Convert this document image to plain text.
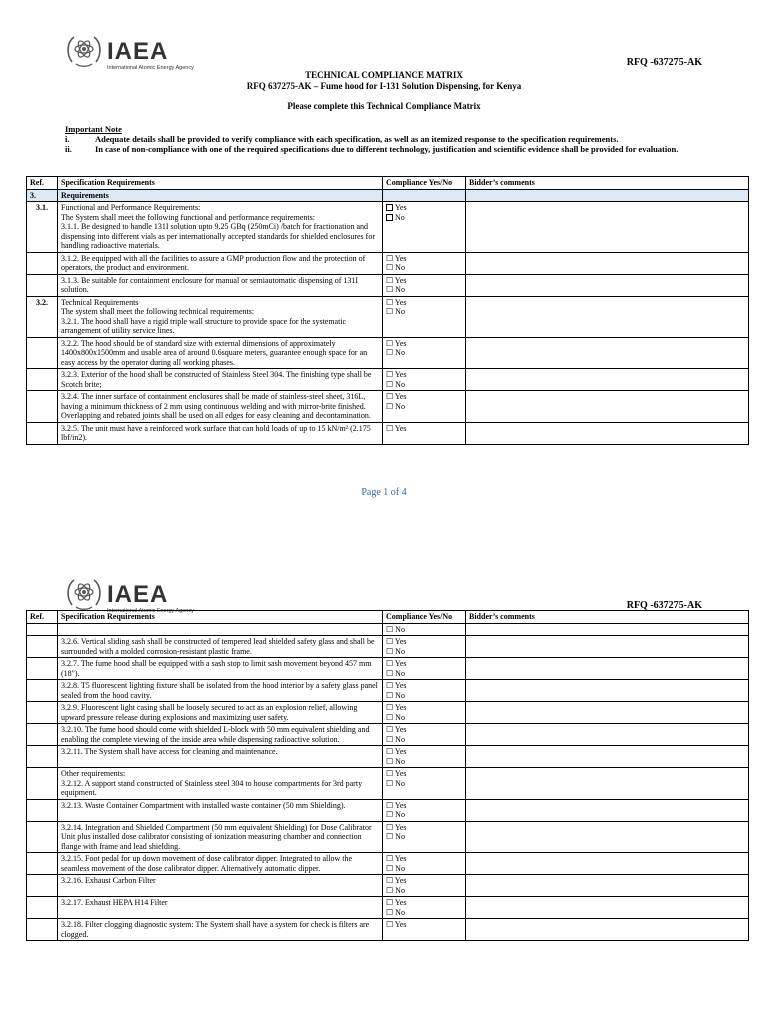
IAEA
International Atomic Energy Agency	RFQ -637275-AK
TECHNICAL COMPLIANCE MATRIX
RFQ 637275-AK – Fume hood for I-131 Solution Dispensing, for Kenya
Please complete this Technical Compliance Matrix
Important Note
i.	Adequate details shall be provided to verify compliance with each specification, as well as an itemized response to the specification requirements.
ii.	In case of non-compliance with one of the required specifications due to different technology, justification and scientific evidence shall be provided for evaluation.
Ref.	Specification Requirements	Compliance Yes/No	Bidder’s comments
3.	Requirements		
3.1.	Functional and Performance Requirements:
The System shall meet the following functional and performance requirements:
3.1.1. Be designed to handle 131I solution upto 9.25 GBq (250mCi) /batch for fractionation and dispensing into different vials as per internationally accepted standards for shielded enclosures for handling radioactive materials.	Yes
No	

	3.1.2. Be equipped with all the facilities to assure a GMP production flow and the protection of operators, the product and environment.	☐ Yes
☐ No	

	3.1.3. Be suitable for containment enclosure for manual or semiautomatic dispensing of 131I solution.	☐ Yes
☐ No	

3.2.	Technical Requirements
The system shall meet the following technical requirements:
3.2.1. The hood shall have a rigid triple wall structure to provide space for the systematic arrangement of utility service lines.	☐ Yes
☐ No	

	3.2.2. The hood should be of standard size with external dimensions of approximately 1400x800x1500mm and usable area of around 0.6square meters, guarantee enough space for an easy access by the operator during all working phases.	☐ Yes
☐ No	

	3.2.3. Exterior of the hood shall be constructed of Stainless Steel 304. The finishing type shall be Scotch brite;	☐ Yes
☐ No	

	3.2.4. The inner surface of containment enclosures shall be made of stainless-steel sheet, 316L, having a minimum thickness of 2 mm using continuous welding and with mirror-brite finished. Overlapping and rebated joints shall be used on all edges for easy cleaning and decontamination.	☐ Yes
☐ No	

	3.2.5. The unit must have a reinforced work surface that can hold loads of up to 15 kN/m² (2.175 lbf/in2).	☐ Yes	

Page 1 of 4
IAEA
International Atomic Energy Agency	RFQ -637275-AK
Ref.	Specification Requirements	Compliance Yes/No	Bidder’s comments

		☐ No	

	3.2.6. Vertical sliding sash shall be constructed of tempered lead shielded safety glass and shall be surrounded with a molded corrosion-resistant plastic frame.	☐ Yes
☐ No	

	3.2.7. The fume hood shall be equipped with a sash stop to limit sash movement beyond 457 mm (18").	☐ Yes
☐ No	

	3.2.8. T5 fluorescent lighting fixture shall be isolated from the hood interior by a safety glass panel sealed from the hood cavity.	☐ Yes
☐ No	

	3.2.9. Fluorescent light casing shall be loosely secured to act as an explosion relief, allowing upward pressure release during explosions and maximizing user safety.	☐ Yes
☐ No	

	3.2.10. The fume hood should come with shielded L-block with 50 mm equivalent shielding and enabling the complete viewing of the inside area while dispensing radioactive solution.	☐ Yes
☐ No	

	3.2.11. The System shall have access for cleaning and maintenance.	☐ Yes
☐ No	

	Other requirements:
3.2.12. A support stand constructed of Stainless steel 304 to house compartments for 3rd party equipment.	☐ Yes
☐ No	

	3.2.13. Waste Container Compartment with installed waste container (50 mm Shielding).	☐ Yes
☐ No	

	3.2.14. Integration and Shielded Compartment (50 mm equivalent Shielding) for Dose Calibrator Unit plus installed dose calibrator consisting of ionization measuring chamber and connection flange with frame and lead shielding.	☐ Yes
☐ No	

	3.2.15. Foot pedal for up down movement of dose calibrator dipper. Integrated to allow the seamless movement of the dose calibrator dipper. Alternatively automatic dipper.	☐ Yes
☐ No	

	3.2.16. Exhaust Carbon Filter	☐ Yes
☐ No	

	3.2.17. Exhaust HEPA H14 Filter	☐ Yes
☐ No	

	3.2.18. Filter clogging diagnostic system: The System shall have a system for check is filters are clogged.	☐ Yes	
